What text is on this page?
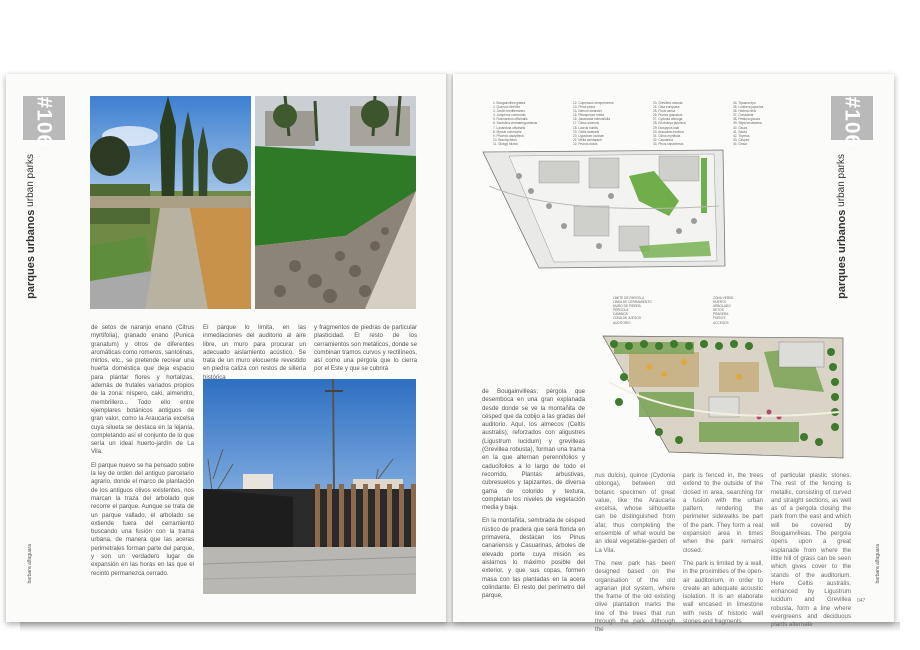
#106
parques urbanos urban parks
barbara alfaguara

de setos de naranjo enano (Citrus myrtifolia), granado enano (Punica granatum) y otros de diferentes aromáticas como romeros, santolinas, mirtos, etc., se pretende recrear una huerta doméstica que deja espacio para plantar flores y hortalizas, además de frutales variados propios de la zona: níspero, caki, almendro, membrillero... Todo ello entre ejemplares botánicos antiguos de gran valor, como la Araucaria excelsa cuya silueta se destaca en la lejanía, completando así el conjunto de lo que sería un ideal huerto-jardín de La Vila.

El parque nuevo se ha pensado sobre la ley de orden del antiguo parcelario agrario, donde el marco de plantación de los antiguos olivos existentes, nos marcan la traza del arbolado que recorre el parque. Aunque se trata de un parque vallado, el arbolado se extiende fuera del cerramiento buscando una fusión con la trama urbana, de manera que las aceras perimetrales forman parte del parque, y son un verdadero lugar de expansión en las horas en las que el recinto permanezca cerrado.

El parque lo limita, en las inmediaciones del auditorio al aire libre, un muro para procurar un adecuado aislamiento acústico. Se trata de un muro elocuente revestido en piedra caliza con restos de sillería histórica

y fragmentos de piedras de particular plasticidad. El resto de los cerramientos son metálicos, donde se combinan tramos curvos y rectilíneos, así como una pérgola que lo cierra por el Este y que se cubrirá

#106
parques urbanos urban parks
barbara alfaguara
047
1. Bougainvillea glabra
2. Quercus ilex/Ilex
3. Jardín mediterráneo
4. Juniperus communis
5. Rosmarinus officinalis
6. Santolina chamaecyparissus
7. Lavandula officinalis
8. Myrtus communis
9. Phoenix dactylifera
10. Brachychiton
11. Ginkgo biloba
12. Cupressus sempervirens
13. Pinus pinea
14. Nerium oleander
15. Pittosporum tobira
16. Jacaranda mimosifolia
17. Citrus sinensis
18. Laurus nobilis
19. Celtis australis
20. Ligustrum lucidum
21. Melia azedarach
22. Prunus dulcis
23. Grevillea robusta
24. Olea europaea
25. Ficus carica
26. Punica granatum
27. Cydonia oblonga
28. Eriobotrya japonica
29. Diospyros kaki
30. Araucaria excelsa
31. Citrus myrtifolia
32. Casuarina
33. Pinus canariensis
34. Tipuana tipu
35. Lonicera japonica
36. Hedera helix
37. Cortaderia
38. Festuca glauca
39. Stipa tenuissima
40. Gaura
41. Salvia
42. Thymus
43. Césped
44. Grava
LÍMITE DE PARCELA
LÍNEA DE CERRAMIENTO
MURO DE PIEDRA
PÉRGOLA
CAMINOS
ZONA DE JUEGOS
AUDITORIO
ZONA VERDE
HUERTO
ARBOLADO
SETOS
PRADERA
FUENTE
ACCESOS

de Bougainvilleas; pérgola que desemboca en una gran explanada desde donde se ve la montañita de césped que da cobijo a las gradas del auditorio. Aquí, los almecos (Celtis australis), reforzados con aligustres (Ligustrum lucidum) y grevilleas (Grevillea robusta), forman una trama en la que alternan perennifolios y caducifolios a lo largo de todo el recorrido. Plantas arbustivas, cubresuelos y tapizantes, de diversa gama de colorido y textura, completan los niveles de vegetación media y baja.

En la montañita, sembrada de césped rústico de pradera que será florida en primavera, destacan los Pinus canariensis y Casuarinas, árboles de elevado porte cuya misión es aislarnos lo máximo posible del exterior, y que sus copas, formen masa con las plantadas en la acera colindante. El resto del perímetro del parque,

nus dulcis), quince (Cydonia oblonga), between old botanic specimen of great value, like the Araucaria excelsa, whose silhouette can be distinguished from afar, thus completing the ensemble of what would be an ideal vegetable-garden of La Vila.

The new park has been designed based on the organisation of the old agrarian plot system, where the frame of the old existing olive plantation marks the line of the trees that run through the park. Although the

park is fenced in, the trees extend to the outside of the closed in area, searching for a fusion with the urban pattern, rendering the perimeter sidewalks be part of the park. They form a real expansion area in times when the park remains closed.

The park is limited by a wall, in the proximities of the open-air auditorium, in order to create an adequate acoustic isolation. It is an elaborate wall encased in limestone with rests of historic wall stones and fragments

of particular plastic stones. The rest of the fencing is metallic, consisting of curved and straight sections, as well as of a pergola closing the park from the east and which will be covered by Bougainvilleas. The pergola opens upon a great esplanade from where the little hill of grass can be seen which gives cover to the stands of the auditorium. Here Celtis australis, enhanced by Ligustrum lucidum and Grevillea robusta, form a line where evergreens and deciduous plants alternate
